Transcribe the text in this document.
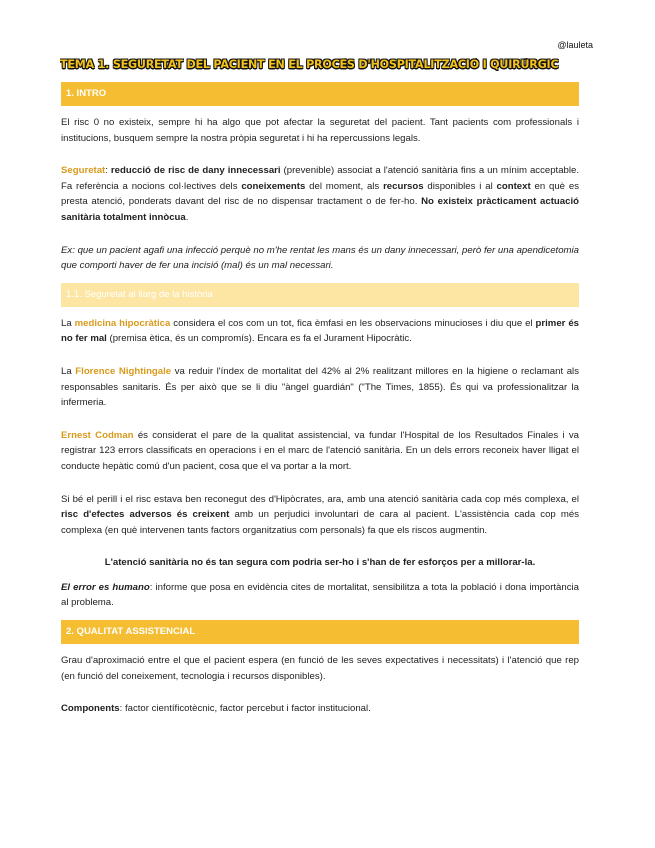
@lauleta
TEMA 1. SEGURETAT DEL PACIENT EN EL PROCÉS D'HOSPITALITZACIÓ I QUIRÚRGIC
1. INTRO

El risc 0 no existeix, sempre hi ha algo que pot afectar la seguretat del pacient. Tant pacients com professionals i institucions, busquem sempre la nostra pròpia seguretat i hi ha repercussions legals.

Seguretat: reducció de risc de dany innecessari (prevenible) associat a l'atenció sanitària fins a un mínim acceptable. Fa referència a nocions col·lectives dels coneixements del moment, als recursos disponibles i al context en què es presta atenció, ponderats davant del risc de no dispensar tractament o de fer-ho. No existeix pràcticament actuació sanitària totalment innòcua.

Ex: que un pacient agafi una infecció perquè no m'he rentat les mans és un dany innecessari, però fer una apendicetomia que comporti haver de fer una incisió (mal) és un mal necessari.

1.1. Seguretat al llarg de la història

La medicina hipocràtica considera el cos com un tot, fica èmfasi en les observacions minucioses i diu que el primer és no fer mal (premisa ètica, és un compromís). Encara es fa el Jurament Hipocràtic.

La Florence Nightingale va reduir l'índex de mortalitat del 42% al 2% realitzant millores en la higiene o reclamant als responsables sanitaris. És per això que se li diu "àngel guardián" ("The Times, 1855). És qui va professionalitzar la infermeria.

Ernest Codman és considerat el pare de la qualitat assistencial, va fundar l'Hospital de los Resultados Finales i va registrar 123 errors classificats en operacions i en el marc de l'atenció sanitària. En un dels errors reconeix haver lligat el conducte hepàtic comú d'un pacient, cosa que el va portar a la mort.

Si bé el perill i el risc estava ben reconegut des d'Hipòcrates, ara, amb una atenció sanitària cada cop més complexa, el risc d'efectes adversos és creixent amb un perjudici involuntari de cara al pacient. L'assistència cada cop més complexa (en què intervenen tants factors organitzatius com personals) fa que els riscos augmentin.

L'atenció sanitària no és tan segura com podria ser-ho i s'han de fer esforços per a millorar-la.

El error es humano: informe que posa en evidència cites de mortalitat, sensibilitza a tota la població i dona importància al problema.

2. QUALITAT ASSISTENCIAL

Grau d'aproximació entre el que el pacient espera (en funció de les seves expectatives i necessitats) i l'atenció que rep (en funció del coneixement, tecnologia i recursos disponibles).

Components: factor científicotècnic, factor percebut i factor institucional.
